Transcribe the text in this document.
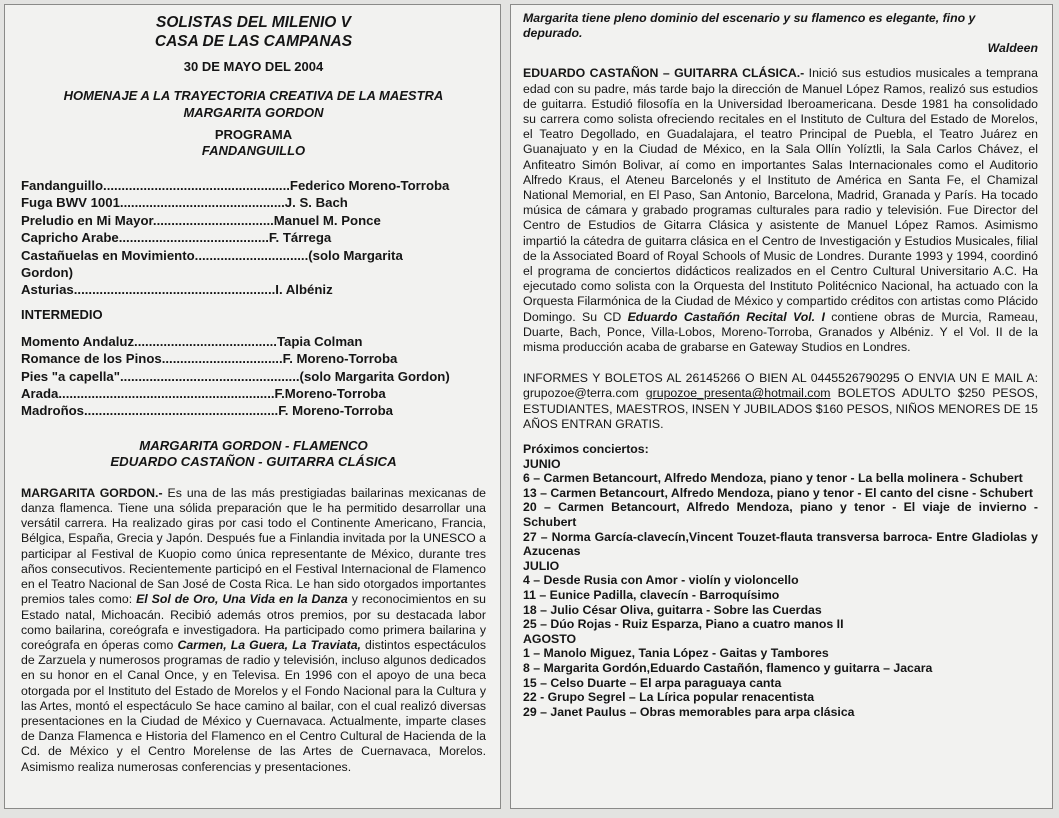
SOLISTAS DEL MILENIO V
CASA DE LAS CAMPANAS
30 DE MAYO DEL 2004
HOMENAJE A LA TRAYECTORIA CREATIVA DE LA MAESTRA
MARGARITA GORDON
PROGRAMA
FANDANGUILLO
Fandanguillo...................................................Federico Moreno-Torroba
Fuga BWV 1001.............................................J. S. Bach
Preludio en Mi Mayor.................................Manuel M. Ponce
Capricho Arabe.........................................F. Tárrega
Castañuelas en Movimiento...............................(solo Margarita
Gordon)
Asturias.......................................................I. Albéniz
INTERMEDIO
Momento Andaluz.......................................Tapia Colman
Romance de los Pinos.................................F. Moreno-Torroba
Pies "a capella".................................................(solo Margarita Gordon)
Arada...........................................................F.Moreno-Torroba
Madroños.....................................................F. Moreno-Torroba
MARGARITA GORDON - FLAMENCO
EDUARDO CASTAÑON - GUITARRA CLÁSICA
MARGARITA GORDON.- Es una de las más prestigiadas bailarinas mexicanas de danza flamenca. Tiene una sólida preparación que le ha permitido desarrollar una versátil carrera. Ha realizado giras por casi todo el Continente Americano, Francia, Bélgica, España, Grecia y Japón. Después fue a Finlandia invitada por la UNESCO a participar al Festival de Kuopio como única representante de México, durante tres años consecutivos. Recientemente participó en el Festival Internacional de Flamenco en el Teatro Nacional de San José de Costa Rica. Le han sido otorgados importantes premios tales como: El Sol de Oro, Una Vida en la Danza y reconocimientos en su Estado natal, Michoacán. Recibió además otros premios, por su destacada labor como bailarina, coreógrafa e investigadora. Ha participado como primera bailarina y coreógrafa en óperas como Carmen, La Guera, La Traviata, distintos espectáculos de Zarzuela y numerosos programas de radio y televisión, incluso algunos dedicados en su honor en el Canal Once, y en Televisa. En 1996 con el apoyo de una beca otorgada por el Instituto del Estado de Morelos y el Fondo Nacional para la Cultura y las Artes, montó el espectáculo Se hace camino al bailar, con el cual realizó diversas presentaciones en la Ciudad de México y Cuernavaca. Actualmente, imparte clases de Danza Flamenca e Historia del Flamenco en el Centro Cultural de Hacienda de la Cd. de México y el Centro Morelense de las Artes de Cuernavaca, Morelos. Asimismo realiza numerosas conferencias y presentaciones.
Margarita tiene pleno dominio del escenario y su flamenco es elegante, fino y depurado.
Waldeen
EDUARDO CASTAÑON – GUITARRA CLÁSICA.- Inició sus estudios musicales a temprana edad con su padre, más tarde bajo la dirección de Manuel López Ramos, realizó sus estudios de guitarra. Estudió filosofía en la Universidad Iberoamericana. Desde 1981 ha consolidado su carrera como solista ofreciendo recitales en el Instituto de Cultura del Estado de Morelos, el Teatro Degollado, en Guadalajara, el teatro Principal de Puebla, el Teatro Juárez en Guanajuato y en la Ciudad de México, en la Sala Ollín Yolíztli, la Sala Carlos Chávez, el Anfiteatro Simón Bolivar, aí como en importantes Salas Internacionales como el Auditorio Alfredo Kraus, el Ateneu Barcelonés y el Instituto de América en Santa Fe, el Chamizal National Memorial, en El Paso, San Antonio, Barcelona, Madrid, Granada y París. Ha tocado música de cámara y grabado programas culturales para radio y televisión. Fue Director del Centro de Estudios de Gitarra Clásica y asistente de Manuel López Ramos. Asimismo impartió la cátedra de guitarra clásica en el Centro de Investigación y Estudios Musicales, filial de la Associated Board of Royal Schools of Music de Londres. Durante 1993 y 1994, coordinó el programa de conciertos didácticos realizados en el Centro Cultural Universitario A.C. Ha ejecutado como solista con la Orquesta del Instituto Politécnico Nacional, ha actuado con la Orquesta Filarmónica de la Ciudad de México y compartido créditos con artistas como Plácido Domingo. Su CD Eduardo Castañón Recital Vol. I contiene obras de Murcia, Rameau, Duarte, Bach, Ponce, Villa-Lobos, Moreno-Torroba, Granados y Albéniz. Y el Vol. II de la misma producción acaba de grabarse en Gateway Studios en Londres.
INFORMES Y BOLETOS AL 26145266 O BIEN AL 0445526790295 O ENVIA UN E MAIL A: grupozoe@terra.com grupozoe_presenta@hotmail.com BOLETOS ADULTO $250 PESOS, ESTUDIANTES, MAESTROS, INSEN Y JUBILADOS $160 PESOS, NIÑOS MENORES DE 15 AÑOS ENTRAN GRATIS.
Próximos conciertos:
JUNIO
6 – Carmen Betancourt, Alfredo Mendoza, piano y tenor - La bella molinera - Schubert
13 – Carmen Betancourt, Alfredo Mendoza, piano y tenor - El canto del cisne - Schubert
20 – Carmen Betancourt, Alfredo Mendoza, piano y tenor - El viaje de invierno - Schubert
27 – Norma García-clavecín,Vincent Touzet-flauta transversa barroca- Entre Gladiolas y Azucenas
JULIO
4 – Desde Rusia con Amor - violín y violoncello
11 – Eunice Padilla, clavecín - Barroquísimo
18 – Julio César Oliva, guitarra - Sobre las Cuerdas
25 – Dúo Rojas - Ruiz Esparza, Piano a cuatro manos II
AGOSTO
1 – Manolo Miguez, Tania López - Gaitas y Tambores
8 – Margarita Gordón,Eduardo Castañón, flamenco y guitarra – Jacara
15 – Celso Duarte – El arpa paraguaya canta
22 - Grupo Segrel – La Lírica popular renacentista
29 – Janet Paulus – Obras memorables para arpa clásica
